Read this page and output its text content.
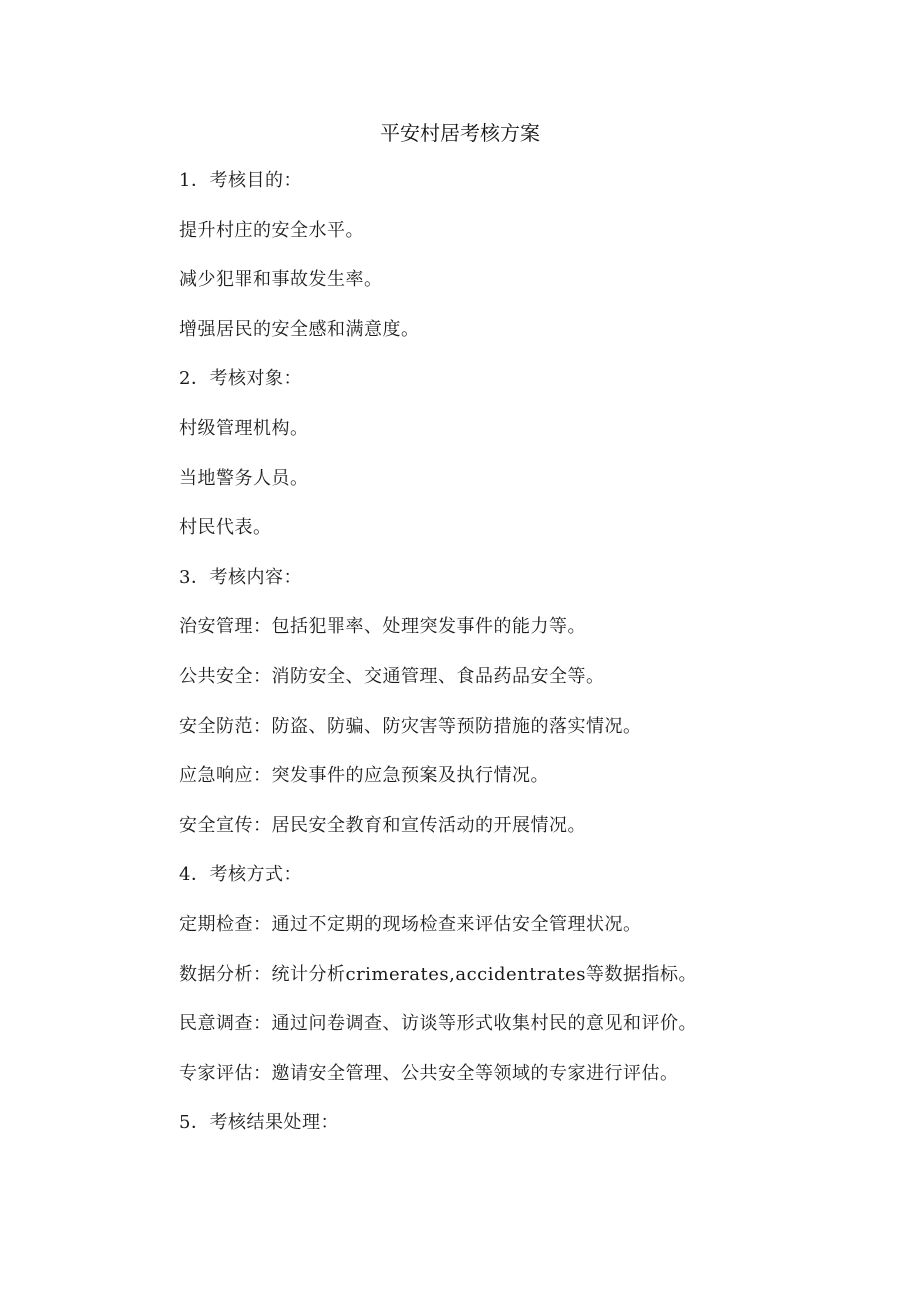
平安村居考核方案
1．考核目的：
提升村庄的安全水平。
减少犯罪和事故发生率。
增强居民的安全感和满意度。
2．考核对象：
村级管理机构。
当地警务人员。
村民代表。
3．考核内容：
治安管理：包括犯罪率、处理突发事件的能力等。
公共安全：消防安全、交通管理、食品药品安全等。
安全防范：防盗、防骗、防灾害等预防措施的落实情况。
应急响应：突发事件的应急预案及执行情况。
安全宣传：居民安全教育和宣传活动的开展情况。
4．考核方式：
定期检查：通过不定期的现场检查来评估安全管理状况。
数据分析：统计分析crimerates,accidentrates等数据指标。
民意调查：通过问卷调查、访谈等形式收集村民的意见和评价。
专家评估：邀请安全管理、公共安全等领域的专家进行评估。
5．考核结果处理：
